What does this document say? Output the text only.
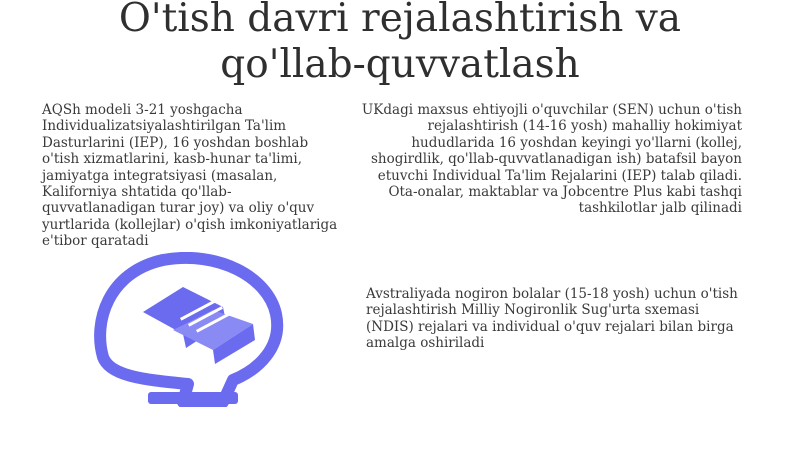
O'tish davri rejalashtirish va
qo'llab-quvvatlash

AQSh modeli 3-21 yoshgacha Individualizatsiyalashtirilgan Ta'lim Dasturlarini (IEP), 16 yoshdan boshlab o'tish xizmatlarini, kasb-hunar ta'limi, jamiyatga integratsiyasi (masalan, Kaliforniya shtatida qo'llab-quvvatlanadigan turar joy) va oliy o'quv yurtlarida (kollejlar) o'qish imkoniyatlariga e'tibor qaratadi

UKdagi maxsus ehtiyojli o'quvchilar (SEN) uchun o'tish rejalashtirish (14-16 yosh) mahalliy hokimiyat hududlarida 16 yoshdan keyingi yo'llarni (kollej, shogirdlik, qo'llab-quvvatlanadigan ish) batafsil bayon etuvchi Individual Ta'lim Rejalarini (IEP) talab qiladi. Ota-onalar, maktablar va Jobcentre Plus kabi tashqi tashkilotlar jalb qilinadi

Avstraliyada nogiron bolalar (15-18 yosh) uchun o'tish rejalashtirish Milliy Nogironlik Sug'urta sxemasi (NDIS) rejalari va individual o'quv rejalari bilan birga amalga oshiriladi
